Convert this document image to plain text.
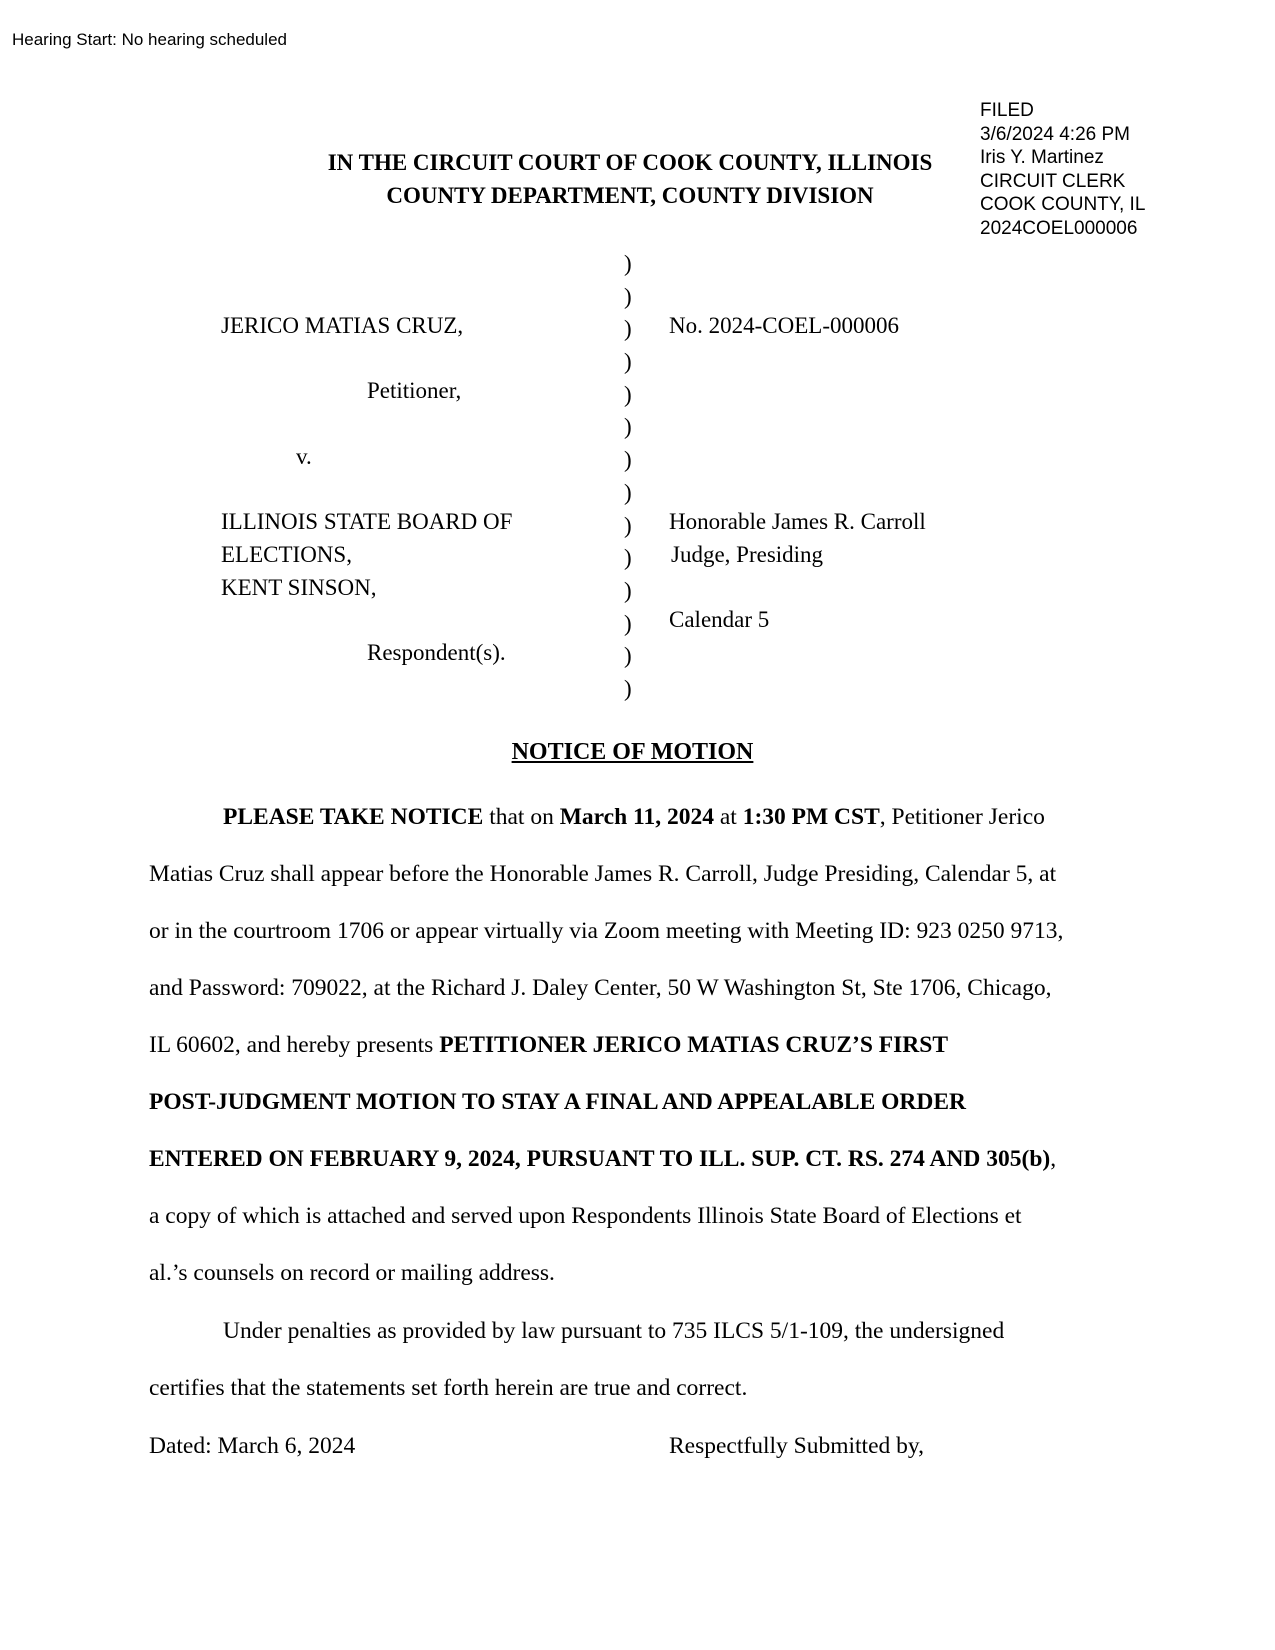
Hearing Start: No hearing scheduled
FILED
3/6/2024 4:26 PM
Iris Y. Martinez
CIRCUIT CLERK
COOK COUNTY, IL
2024COEL000006
IN THE CIRCUIT COURT OF COOK COUNTY, ILLINOIS
COUNTY DEPARTMENT, COUNTY DIVISION
JERICO MATIAS CRUZ,
Petitioner,
v.
ILLINOIS STATE BOARD OF
ELECTIONS,
KENT SINSON,
Respondent(s).
)
)
)
)
)
)
)
)
)
)
)
)
)
)
No. 2024-COEL-000006
Honorable James R. Carroll
Judge, Presiding
Calendar 5
NOTICE OF MOTION
PLEASE TAKE NOTICE that on March 11, 2024 at 1:30 PM CST, Petitioner Jerico
Matias Cruz shall appear before the Honorable James R. Carroll, Judge Presiding, Calendar 5, at
or in the courtroom 1706 or appear virtually via Zoom meeting with Meeting ID: 923 0250 9713,
and Password: 709022, at the Richard J. Daley Center, 50 W Washington St, Ste 1706, Chicago,
IL 60602, and hereby presents PETITIONER JERICO MATIAS CRUZ’S FIRST
POST-JUDGMENT MOTION TO STAY A FINAL AND APPEALABLE ORDER
ENTERED ON FEBRUARY 9, 2024, PURSUANT TO ILL. SUP. CT. RS. 274 AND 305(b),
a copy of which is attached and served upon Respondents Illinois State Board of Elections et
al.’s counsels on record or mailing address.
Under penalties as provided by law pursuant to 735 ILCS 5/1-109, the undersigned
certifies that the statements set forth herein are true and correct.
Dated: March 6, 2024	Respectfully Submitted by,
